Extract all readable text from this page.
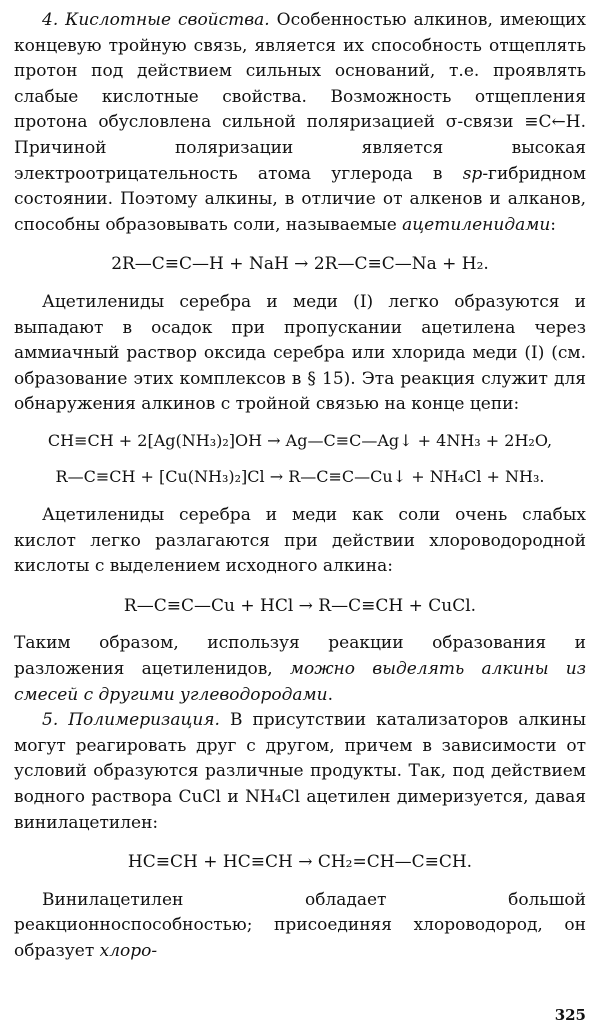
4. Кислотные свойства. Особенностью алкинов, имеющих концевую тройную связь, является их способность отщеплять протон под действием сильных оснований, т.е. проявлять слабые кислотные свойства. Возможность отщепления протона обусловлена сильной поляризацией σ-связи ≡C←H. Причиной поляризации является высокая электроотрицательность атома углерода в sp-гибридном состоянии. Поэтому алкины, в отличие от алкенов и алканов, способны образовывать соли, называемые ацетиленидами:

2R—C≡C—H + NaH → 2R—C≡C—Na + H₂.

Ацетилениды серебра и меди (I) легко образуются и выпадают в осадок при пропускании ацетилена через аммиачный раствор оксида серебра или хлорида меди (I) (см. образование этих комплексов в § 15). Эта реакция служит для обнаружения алкинов с тройной связью на конце цепи:

CH≡CH + 2[Ag(NH₃)₂]OH → Ag—C≡C—Ag↓ + 4NH₃ + 2H₂O,
R—C≡CH + [Cu(NH₃)₂]Cl → R—C≡C—Cu↓ + NH₄Cl + NH₃.

Ацетилениды серебра и меди как соли очень слабых кислот легко разлагаются при действии хлороводородной кислоты с выделением исходного алкина:

R—C≡C—Cu + HCl → R—C≡CH + CuCl.

Таким образом, используя реакции образования и разложения ацетиленидов, можно выделять алкины из смесей с другими углеводородами.

5. Полимеризация. В присутствии катализаторов алкины могут реагировать друг с другом, причем в зависимости от условий образуются различные продукты. Так, под действием водного раствора CuCl и NH₄Cl ацетилен димеризуется, давая винилацетилен:

HC≡CH + HC≡CH → CH₂=CH—C≡CH.

Винилацетилен обладает большой реакционноспособностью; присоединяя хлороводород, он образует хлоро-

325
